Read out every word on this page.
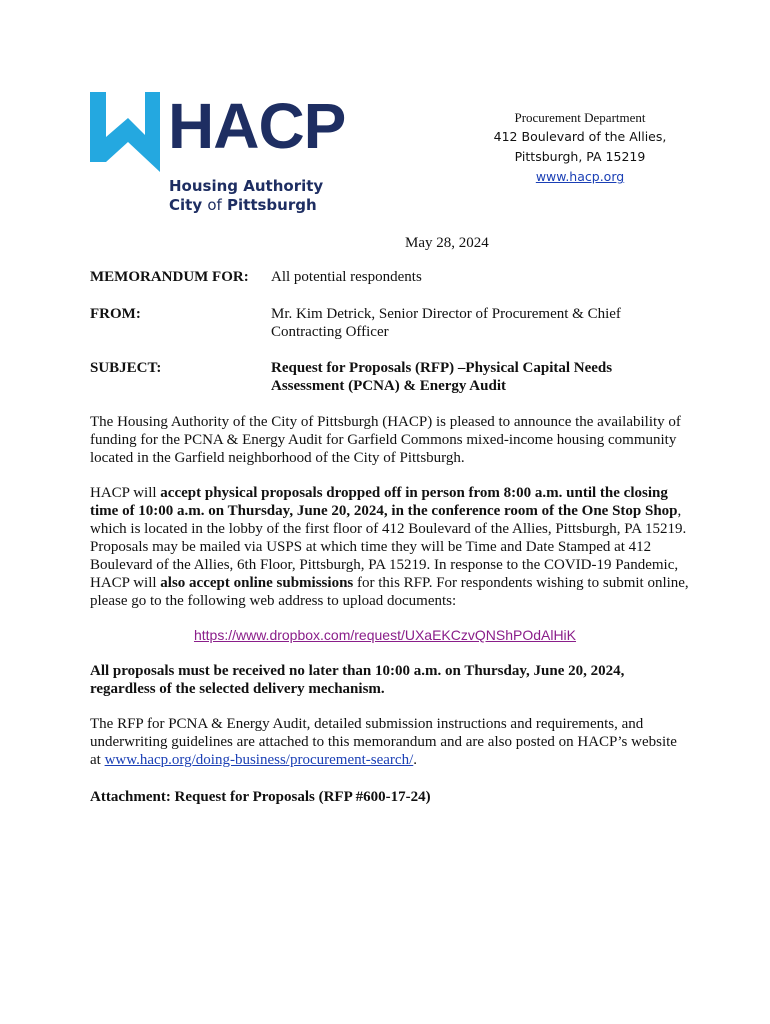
HACP
Housing Authority
City of Pittsburgh
Procurement Department
412 Boulevard of the Allies,
Pittsburgh, PA 15219
www.hacp.org
May 28, 2024
MEMORANDUM FOR: All potential respondents
FROM:	Mr. Kim Detrick, Senior Director of Procurement & Chief Contracting Officer
SUBJECT:	Request for Proposals (RFP) –Physical Capital Needs Assessment (PCNA) & Energy Audit
The Housing Authority of the City of Pittsburgh (HACP) is pleased to announce the availability of funding for the PCNA & Energy Audit for Garfield Commons mixed-income housing community located in the Garfield neighborhood of the City of Pittsburgh.
HACP will accept physical proposals dropped off in person from 8:00 a.m. until the closing time of 10:00 a.m. on Thursday, June 20, 2024, in the conference room of the One Stop Shop, which is located in the lobby of the first floor of 412 Boulevard of the Allies, Pittsburgh, PA 15219. Proposals may be mailed via USPS at which time they will be Time and Date Stamped at 412 Boulevard of the Allies, 6th Floor, Pittsburgh, PA 15219. In response to the COVID-19 Pandemic, HACP will also accept online submissions for this RFP. For respondents wishing to submit online, please go to the following web address to upload documents:
https://www.dropbox.com/request/UXaEKCzvQNShPOdAlHiK
All proposals must be received no later than 10:00 a.m. on Thursday, June 20, 2024, regardless of the selected delivery mechanism.
The RFP for PCNA & Energy Audit, detailed submission instructions and requirements, and underwriting guidelines are attached to this memorandum and are also posted on HACP’s website at www.hacp.org/doing-business/procurement-search/.
Attachment: Request for Proposals (RFP #600-17-24)
